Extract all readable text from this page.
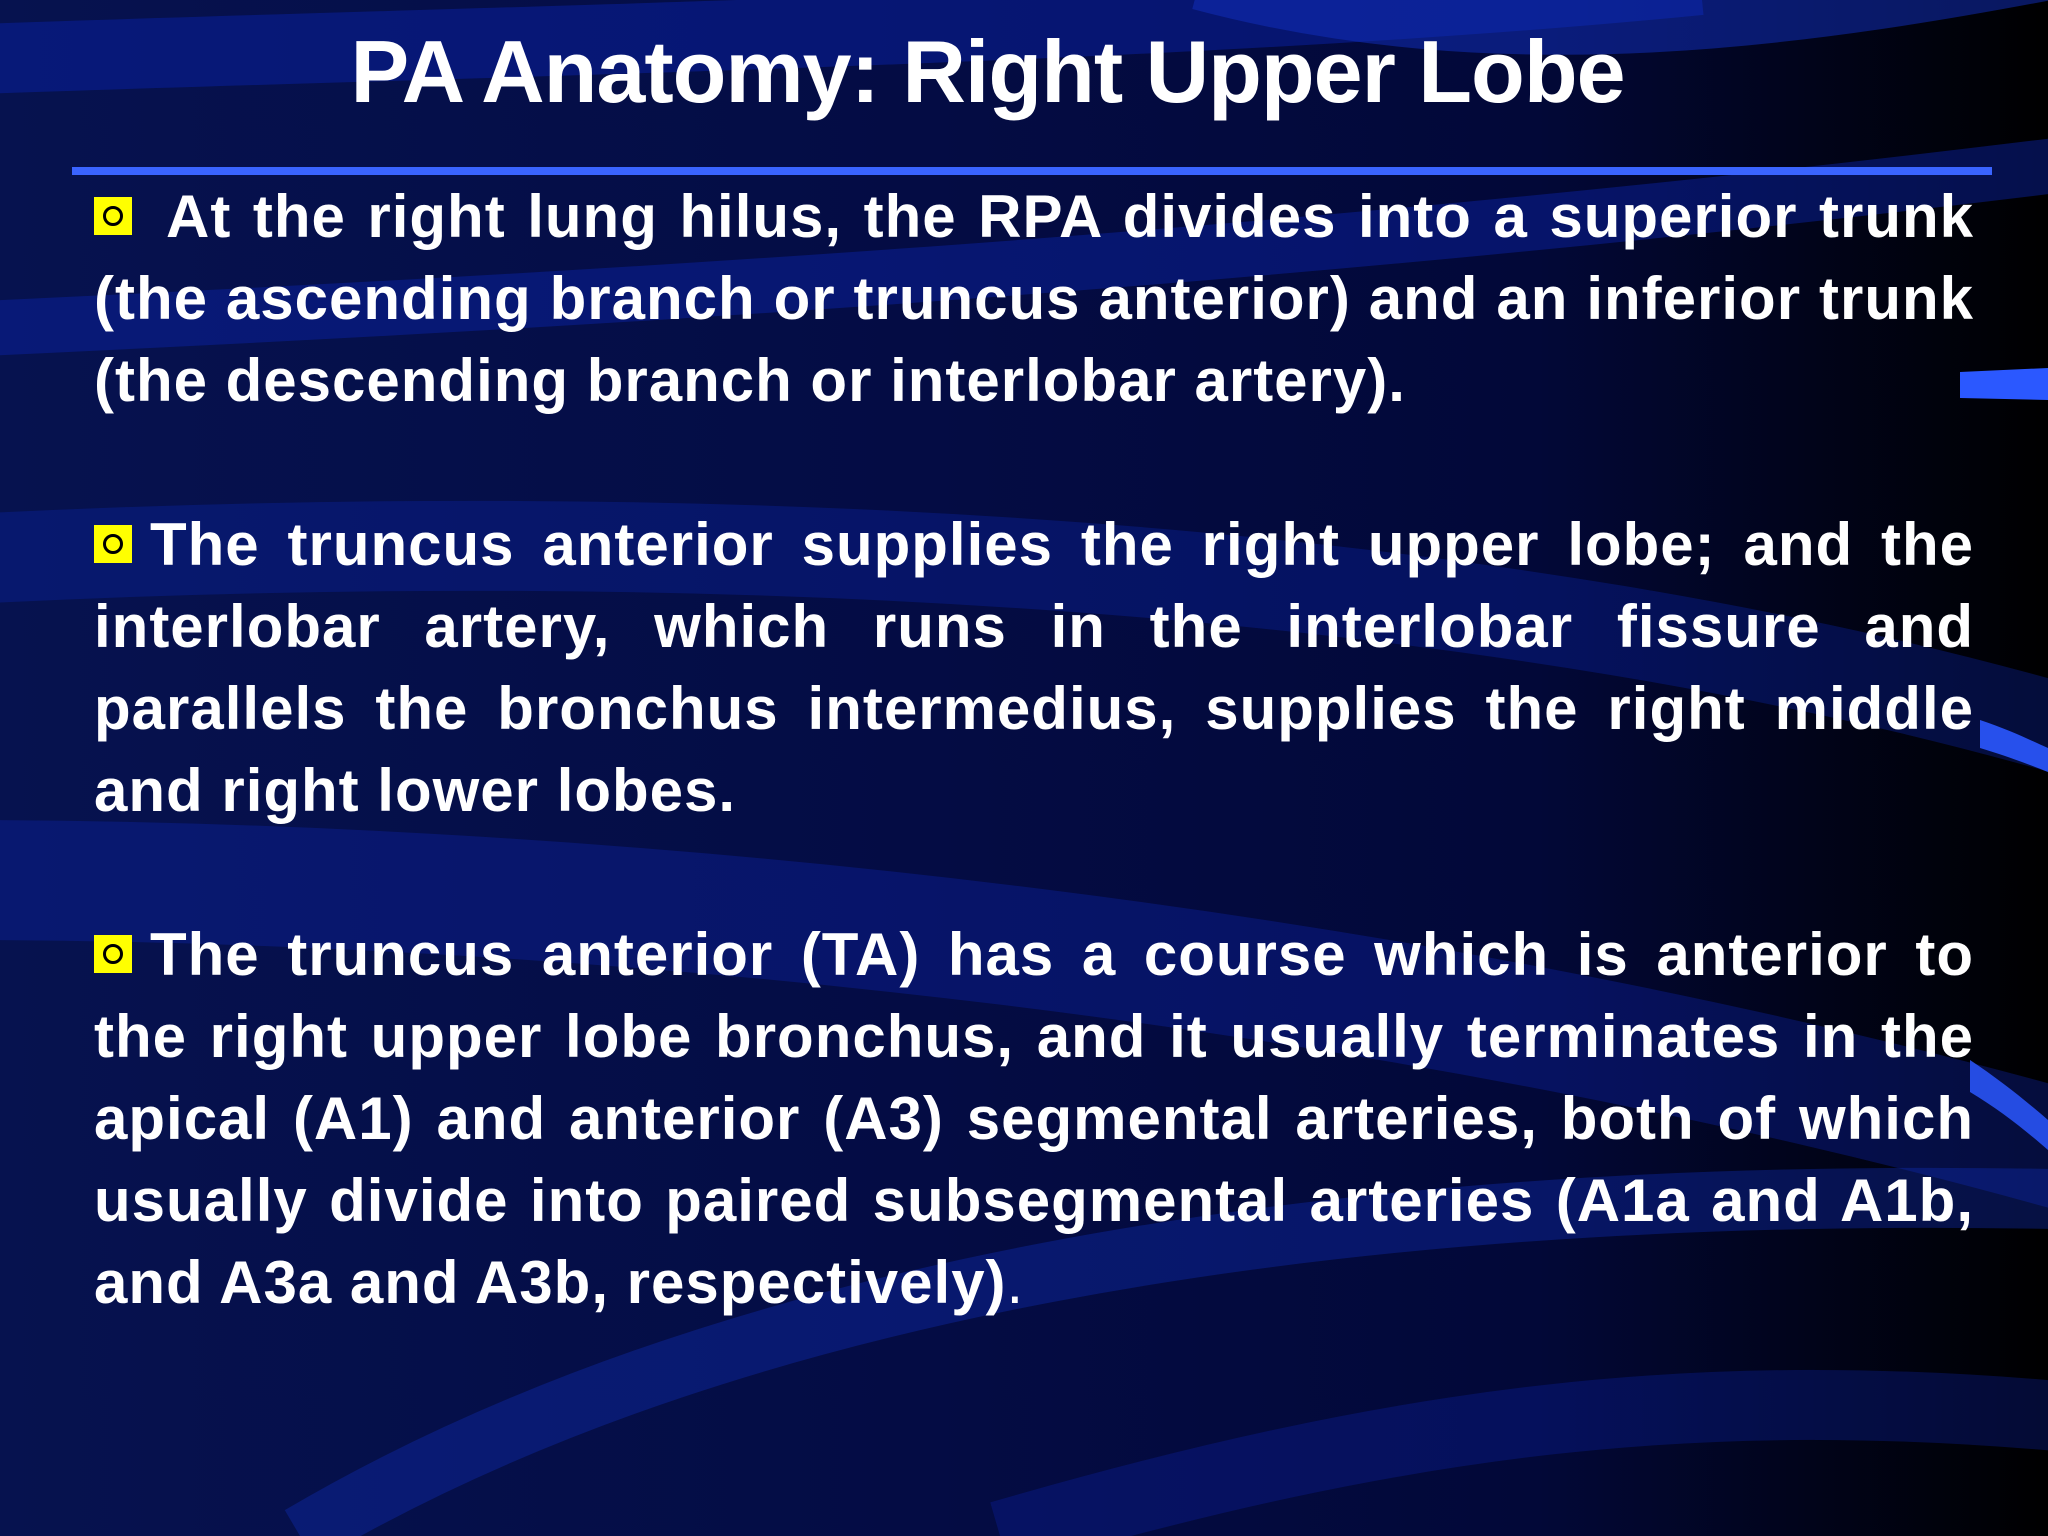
PA Anatomy: Right Upper Lobe

At the right lung hilus, the RPA divides into a superior trunk (the ascending branch or truncus anterior) and an inferior trunk (the descending branch or interlobar artery).

The truncus anterior supplies the right upper lobe; and the interlobar artery, which runs in the interlobar fissure and parallels the bronchus intermedius, supplies the right middle and right lower lobes.

The truncus anterior (TA) has a course which is anterior to the right upper lobe bronchus, and it usually terminates in the apical (A1) and anterior (A3) segmental arteries, both of which usually divide into paired subsegmental arteries (A1a and A1b, and A3a and A3b, respectively).
